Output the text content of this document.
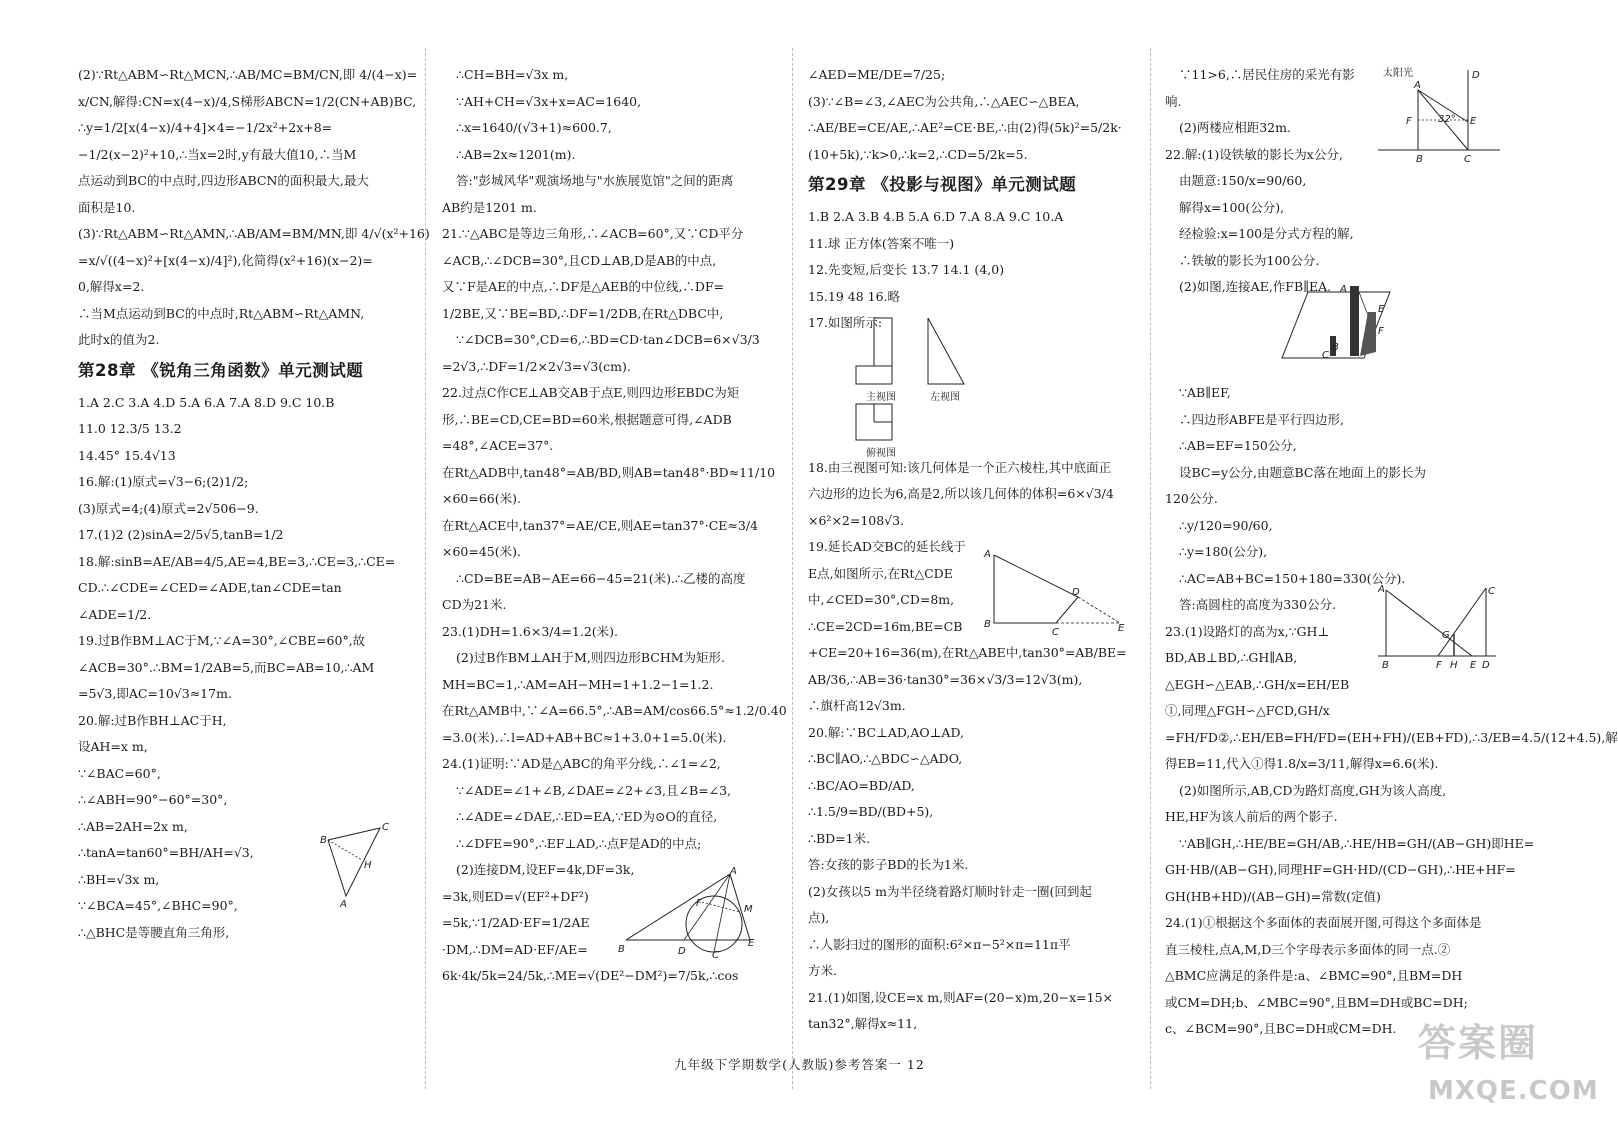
(2)∵Rt△ABM∽Rt△MCN,∴AB/MC=BM/CN,即 4/(4−x)=

x/CN,解得:CN=x(4−x)/4,S梯形ABCN=1/2(CN+AB)BC,

∴y=1/2[x(4−x)/4+4]×4=−1/2x²+2x+8=

−1/2(x−2)²+10,∴当x=2时,y有最大值10,∴当M

点运动到BC的中点时,四边形ABCN的面积最大,最大

面积是10.

(3)∵Rt△ABM∽Rt△AMN,∴AB/AM=BM/MN,即 4/√(x²+16)

=x/√((4−x)²+[x(4−x)/4]²),化简得(x²+16)(x−2)=

0,解得x=2.

∴当M点运动到BC的中点时,Rt△ABM∽Rt△AMN,

此时x的值为2.

第28章 《锐角三角函数》单元测试题

1.A 2.C 3.A 4.D 5.A 6.A 7.A 8.D 9.C 10.B

11.0 12.3/5 13.2

14.45° 15.4√13

16.解:(1)原式=√3−6;(2)1/2;

(3)原式=4;(4)原式=2√506−9.

17.(1)2 (2)sinA=2/5√5,tanB=1/2

18.解:sinB=AE/AB=4/5,AE=4,BE=3,∴CE=3,∴CE=

CD.∴∠CDE=∠CED=∠ADE,tan∠CDE=tan

∠ADE=1/2.

19.过B作BM⊥AC于M,∵∠A=30°,∠CBE=60°,故

∠ACB=30°.∴BM=1/2AB=5,而BC=AB=10,∴AM

=5√3,即AC=10√3≈17m.

20.解:过B作BH⊥AC于H,

设AH=x m,

∵∠BAC=60°,

∴∠ABH=90°−60°=30°,

∴AB=2AH=2x m,

∴tanA=tan60°=BH/AH=√3,

∴BH=√3x m,

∵∠BCA=45°,∠BHC=90°,

∴△BHC是等腰直角三角形,

∴CH=BH=√3x m,

∵AH+CH=√3x+x=AC=1640,

∴x=1640/(√3+1)≈600.7,

∴AB=2x≈1201(m).

答:"彭城风华"观演场地与"水族展览馆"之间的距离

AB约是1201 m.

21.∵△ABC是等边三角形,∴∠ACB=60°,又∵CD平分

∠ACB,∴∠DCB=30°,且CD⊥AB,D是AB的中点,

又∵F是AE的中点,∴DF是△AEB的中位线,∴DF=

1/2BE,又∵BE=BD,∴DF=1/2DB,在Rt△DBC中,

∵∠DCB=30°,CD=6,∴BD=CD·tan∠DCB=6×√3/3

=2√3,∴DF=1/2×2√3=√3(cm).

22.过点C作CE⊥AB交AB于点E,则四边形EBDC为矩

形,∴BE=CD,CE=BD=60米,根据题意可得,∠ADB

=48°,∠ACE=37°.

在Rt△ADB中,tan48°=AB/BD,则AB=tan48°·BD≈11/10

×60=66(米).

在Rt△ACE中,tan37°=AE/CE,则AE=tan37°·CE≈3/4

×60=45(米).

∴CD=BE=AB−AE=66−45=21(米).∴乙楼的高度

CD为21米.

23.(1)DH=1.6×3/4=1.2(米).

(2)过B作BM⊥AH于M,则四边形BCHM为矩形.

MH=BC=1,∴AM=AH−MH=1+1.2−1=1.2.

在Rt△AMB中,∵∠A=66.5°,∴AB=AM/cos66.5°≈1.2/0.40

=3.0(米).∴l=AD+AB+BC≈1+3.0+1=5.0(米).

24.(1)证明:∵AD是△ABC的角平分线,∴∠1=∠2,

∵∠ADE=∠1+∠B,∠DAE=∠2+∠3,且∠B=∠3,

∴∠ADE=∠DAE,∴ED=EA,∵ED为⊙O的直径,

∴∠DFE=90°,∴EF⊥AD,∴点F是AD的中点;

(2)连接DM,设EF=4k,DF=3k,

=3k,则ED=√(EF²+DF²)

=5k,∵1/2AD·EF=1/2AE

·DM,∴DM=AD·EF/AE=

6k·4k/5k=24/5k,∴ME=√(DE²−DM²)=7/5k,∴cos

∠AED=ME/DE=7/25;

(3)∵∠B=∠3,∠AEC为公共角,∴△AEC∽△BEA,

∴AE/BE=CE/AE,∴AE²=CE·BE,∴由(2)得(5k)²=5/2k·

(10+5k),∵k>0,∴k=2,∴CD=5/2k=5.

第29章 《投影与视图》单元测试题

1.B 2.A 3.B 4.B 5.A 6.D 7.A 8.A 9.C 10.A

11.球 正方体(答案不唯一)

12.先变短,后变长 13.7 14.1 (4,0)

15.19 48 16.略

17.如图所示:

18.由三视图可知:该几何体是一个正六棱柱,其中底面正

六边形的边长为6,高是2,所以该几何体的体积=6×√3/4

×6²×2=108√3.

19.延长AD交BC的延长线于

E点,如图所示,在Rt△CDE

中,∠CED=30°,CD=8m,

∴CE=2CD=16m,BE=CB

+CE=20+16=36(m),在Rt△ABE中,tan30°=AB/BE=

AB/36,∴AB=36·tan30°=36×√3/3=12√3(m),

∴旗杆高12√3m.

20.解:∵BC⊥AD,AO⊥AD,

∴BC∥AO,∴△BDC∽△ADO,

∴BC/AO=BD/AD,

∴1.5/9=BD/(BD+5),

∴BD=1米.

答:女孩的影子BD的长为1米.

(2)女孩以5 m为半径绕着路灯顺时针走一圈(回到起

点),

∴人影扫过的图形的面积:6²×π−5²×π=11π平

方米.

21.(1)如图,设CE=x m,则AF=(20−x)m,20−x=15×

tan32°,解得x≈11,

∵11>6,∴居民住房的采光有影

响.

(2)两楼应相距32m.

22.解:(1)设铁敏的影长为x公分,

由题意:150/x=90/60,

解得x=100(公分),

经检验:x=100是分式方程的解,

∴铁敏的影长为100公分.

(2)如图,连接AE,作FB∥EA.

∵AB∥EF,

∴四边形ABFE是平行四边形,

∴AB=EF=150公分,

设BC=y公分,由题意BC落在地面上的影长为

120公分.

∴y/120=90/60,

∴y=180(公分),

∴AC=AB+BC=150+180=330(公分).

答:高圆柱的高度为330公分.

23.(1)设路灯的高为x,∵GH⊥

BD,AB⊥BD,∴GH∥AB,

△EGH∽△EAB,∴GH/x=EH/EB

①,同理△FGH∽△FCD,GH/x

=FH/FD②,∴EH/EB=FH/FD=(EH+FH)/(EB+FD),∴3/EB=4.5/(12+4.5),解

得EB=11,代入①得1.8/x=3/11,解得x=6.6(米).

(2)如图所示,AB,CD为路灯高度,GH为该人高度,

HE,HF为该人前后的两个影子.

∵AB∥GH,∴HE/BE=GH/AB,∴HE/HB=GH/(AB−GH)即HE=

GH·HB/(AB−GH),同理HF=GH·HD/(CD−GH),∴HE+HF=

GH(HB+HD)/(AB−GH)=常数(定值)

24.(1)①根据这个多面体的表面展开图,可得这个多面体是

直三棱柱,点A,M,D三个字母表示多面体的同一点.②

△BMC应满足的条件是:a、∠BMC=90°,且BM=DH

或CM=DH;b、∠MBC=90°,且BM=DH或BC=DH;

c、∠BCM=90°,且BC=DH或CM=DH.

B
C
H
A
B
A
F
M
D	C
E
主视图	左视图
俯视图
A
B
C
D
E
太阳光
A
F	32° E
D
B	C
A
E
F
B
C
A	C
G
B	F H E D
九年级下学期数学(人教版)参考答案一 12	答案圈
MXQE.COM
